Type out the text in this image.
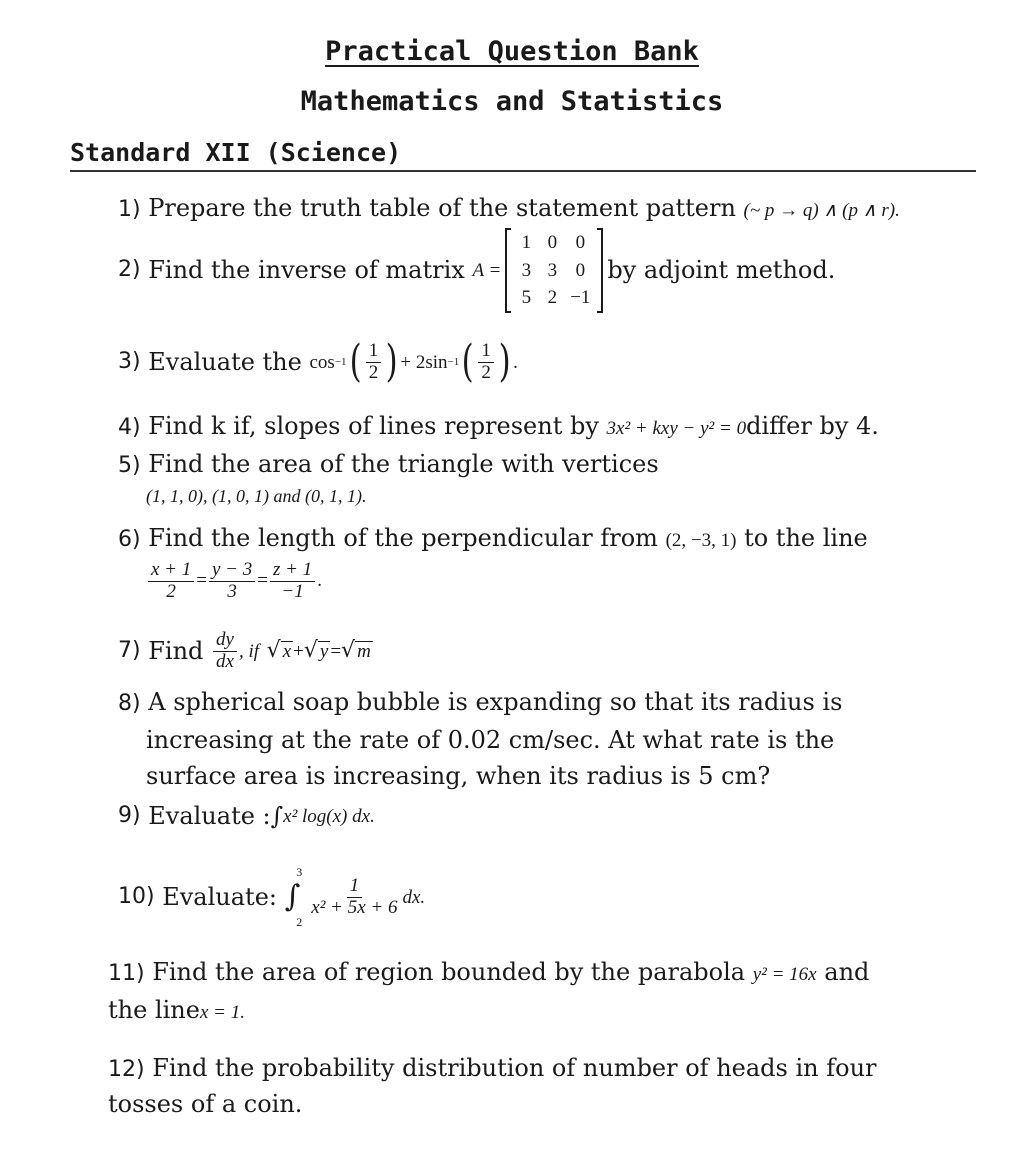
Practical Question Bank
Mathematics and Statistics
Standard XII (Science)
1) Prepare the truth table of the statement pattern (~ p → q) ∧ (p ∧ r).
2)
Find the inverse of matrix
A =
1 0 0
3 3 0
5 2 −1
by adjoint method.
3)
Evaluate the
cos −1 ( $\frac{1}{2}$ ) + 2sin −1 ( $\frac{1}{2}$ ) .
4) Find k if, slopes of lines represent by 3x² + kxy − y² = 0differ by 4.
5) Find the area of the triangle with vertices
(1, 1, 0), (1, 0, 1) and (0, 1, 1).
6) Find the length of the perpendicular from (2, −3, 1) to the line
$\frac{x + 1}{2} = \frac{y - 3}{3} = \frac{z + 1}{-1}$ .
7)
Find
$\frac{dy}{dx}$ , if
√ x + √ y = √ m
8) A spherical soap bubble is expanding so that its radius is
increasing at the rate of 0.02 cm/sec. At what rate is the
surface area is increasing, when its radius is 5 cm?
9)
Evaluate : ∫ x² log(x) dx.
10)
Evaluate:
∫
3
2
$\frac{1}{\text{x² + 5x + 6}}$ dx.
11) Find the area of region bounded by the parabola y² = 16x and
the linex = 1.
12) Find the probability distribution of number of heads in four
tosses of a coin.
